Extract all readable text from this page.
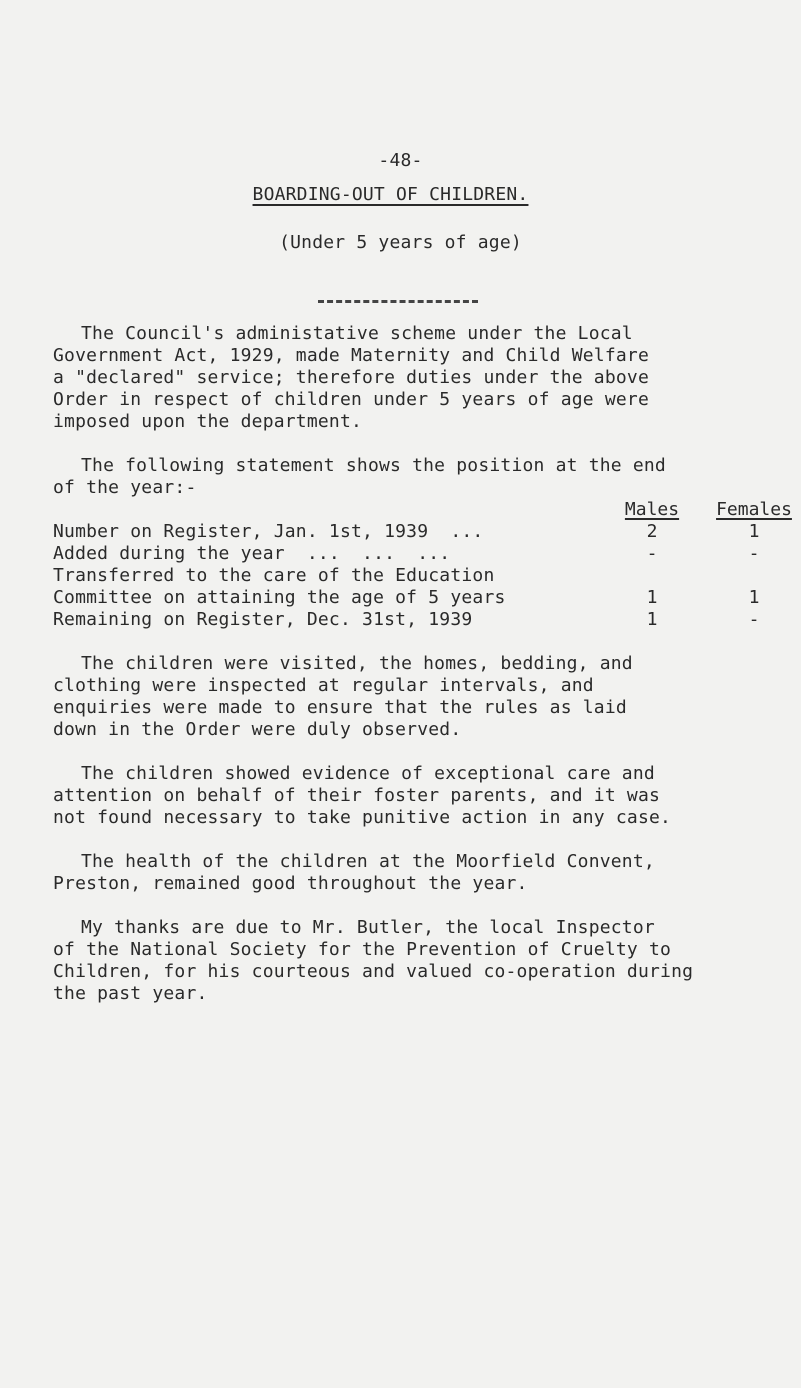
-48-
BOARDING-OUT OF CHILDREN.
(Under 5 years of age)
The Council's administative scheme under the Local
Government Act, 1929, made Maternity and Child Welfare
a "declared" service; therefore duties under the above
Order in respect of children under 5 years of age were
imposed upon the department.
The following statement shows the position at the end
of the year:-
Males	Females
Number on Register, Jan. 1st, 1939  ...	2	1
Added during the year  ...  ...  ...	-	-
Transferred to the care of the Education
Committee on attaining the age of 5 years	1	1
Remaining on Register, Dec. 31st, 1939	1	-
The children were visited, the homes, bedding, and
clothing were inspected at regular intervals, and
enquiries were made to ensure that the rules as laid
down in the Order were duly observed.
The children showed evidence of exceptional care and
attention on behalf of their foster parents, and it was
not found necessary to take punitive action in any case.
The health of the children at the Moorfield Convent,
Preston, remained good throughout the year.
My thanks are due to Mr. Butler, the local Inspector
of the National Society for the Prevention of Cruelty to
Children, for his courteous and valued co-operation during
the past year.
